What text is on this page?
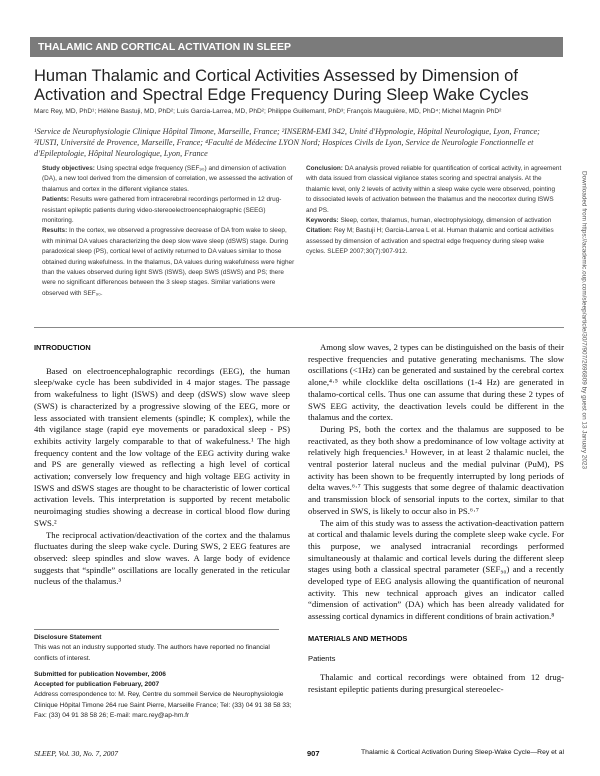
THALAMIC AND CORTICAL ACTIVATION IN SLEEP
Human Thalamic and Cortical Activities Assessed by Dimension of Activation and Spectral Edge Frequency During Sleep Wake Cycles
Marc Rey, MD, PhD¹; Hélène Bastuji, MD, PhD²; Luis Garcia-Larrea, MD, PhD²; Philippe Guillemant, PhD³; François Mauguière, MD, PhD⁴; Michel Magnin PhD²
¹Service de Neurophysiologie Clinique Hôpital Timone, Marseille, France; ²INSERM-EMI 342, Unité d'Hypnologie, Hôpital Neurologique, Lyon, France; ³IUSTI, Université de Provence, Marseille, France; ⁴Faculté de Médecine LYON Nord; Hospices Civils de Lyon, Service de Neurologie Fonctionnelle et d'Epileptologie, Hôpital Neurologique, Lyon, France

Study objectives: Using spectral edge frequency (SEF₉₀) and dimension of activation (DA), a new tool derived from the dimension of correlation, we assessed the activation of thalamus and cortex in the different vigilance states.

Patients: Results were gathered from intracerebral recordings performed in 12 drug-resistant epileptic patients during video-stereoelectroencephalographic (SEEG) monitoring.

Results: In the cortex, we observed a progressive decrease of DA from wake to sleep, with minimal DA values characterizing the deep slow wave sleep (dSWS) stage. During paradoxical sleep (PS), cortical level of activity returned to DA values similar to those obtained during wakefulness. In the thalamus, DA values during wakefulness were higher than the values observed during light SWS (lSWS), deep SWS (dSWS) and PS; there were no significant differences between the 3 sleep stages. Similar variations were observed with SEF₉₀.

Conclusion: DA analysis proved reliable for quantification of cortical activity, in agreement with data issued from classical vigilance states scoring and spectral analysis. At the thalamic level, only 2 levels of activity within a sleep wake cycle were observed, pointing to dissociated levels of activation between the thalamus and the neocortex during lSWS and PS.

Keywords: Sleep, cortex, thalamus, human, electrophysiology, dimension of activation

Citation: Rey M; Bastuji H; Garcia-Larrea L et al. Human thalamic and cortical activities assessed by dimension of activation and spectral edge frequency during sleep wake cycles. SLEEP 2007;30(7):907-912.

INTRODUCTION

Based on electroencephalographic recordings (EEG), the human sleep/wake cycle has been subdivided in 4 major stages. The passage from wakefulness to light (lSWS) and deep (dSWS) slow wave sleep (SWS) is characterized by a progressive slowing of the EEG, more or less associated with transient elements (spindle; K complex), while the 4th vigilance stage (rapid eye movements or paradoxical sleep - PS) exhibits activity largely comparable to that of wakefulness.¹ The high frequency content and the low voltage of the EEG activity during wake and PS are generally viewed as reflecting a high level of cortical activation; conversely low frequency and high voltage EEG activity in lSWS and dSWS stages are thought to be characteristic of lower cortical activation levels. This interpretation is supported by recent metabolic neuroimaging studies showing a decrease in cortical blood flow during SWS.²

The reciprocal activation/deactivation of the cortex and the thalamus fluctuates during the sleep wake cycle. During SWS, 2 EEG features are observed: sleep spindles and slow waves. A large body of evidence suggests that “spindle” oscillations are locally generated in the reticular nucleus of the thalamus.³

Among slow waves, 2 types can be distinguished on the basis of their respective frequencies and putative generating mechanisms. The slow oscillations (<1Hz) can be generated and sustained by the cerebral cortex alone,⁴·⁵ while clocklike delta oscillations (1-4 Hz) are generated in thalamo-cortical cells. Thus one can assume that during these 2 types of SWS EEG activity, the deactivation levels could be different in the thalamus and the cortex.

During PS, both the cortex and the thalamus are supposed to be reactivated, as they both show a predominance of low voltage activity at relatively high frequencies.¹ However, in at least 2 thalamic nuclei, the ventral posterior lateral nucleus and the medial pulvinar (PuM), PS activity has been shown to be frequently interrupted by long periods of delta waves.⁶·⁷ This suggests that some degree of thalamic deactivation and transmission block of sensorial inputs to the cortex, similar to that observed in SWS, is likely to occur also in PS.⁶·⁷

The aim of this study was to assess the activation-deactivation pattern at cortical and thalamic levels during the complete sleep wake cycle. For this purpose, we analysed intracranial recordings performed simultaneously at thalamic and cortical levels during the different sleep stages using both a classical spectral parameter (SEF₉₀) and a recently developed type of EEG analysis allowing the quantification of neuronal activity. This new technical approach gives an indicator called “dimension of activation” (DA) which has been already validated for assessing cortical dynamics in different conditions of brain activation.⁸

MATERIALS AND METHODS

Patients

Thalamic and cortical recordings were obtained from 12 drug-resistant epileptic patients during presurgical stereoelec-

Disclosure Statement

This was not an industry supported study. The authors have reported no financial conflicts of interest.

Submitted for publication November, 2006

Accepted for publication February, 2007

Address correspondence to: M. Rey, Centre du sommeil Service de Neurophysiologie Clinique Hôpital Timone 264 rue Saint Pierre, Marseille France; Tel: (33) 04 91 38 58 33; Fax: (33) 04 91 38 58 26; E-mail: marc.rey@ap-hm.fr

SLEEP, Vol. 30, No. 7, 2007	907	Thalamic & Cortical Activation During Sleep-Wake Cycle—Rey et al
Downloaded from https://academic.oup.com/sleep/article/30/7/907/2696809 by guest on 13 January 2023
